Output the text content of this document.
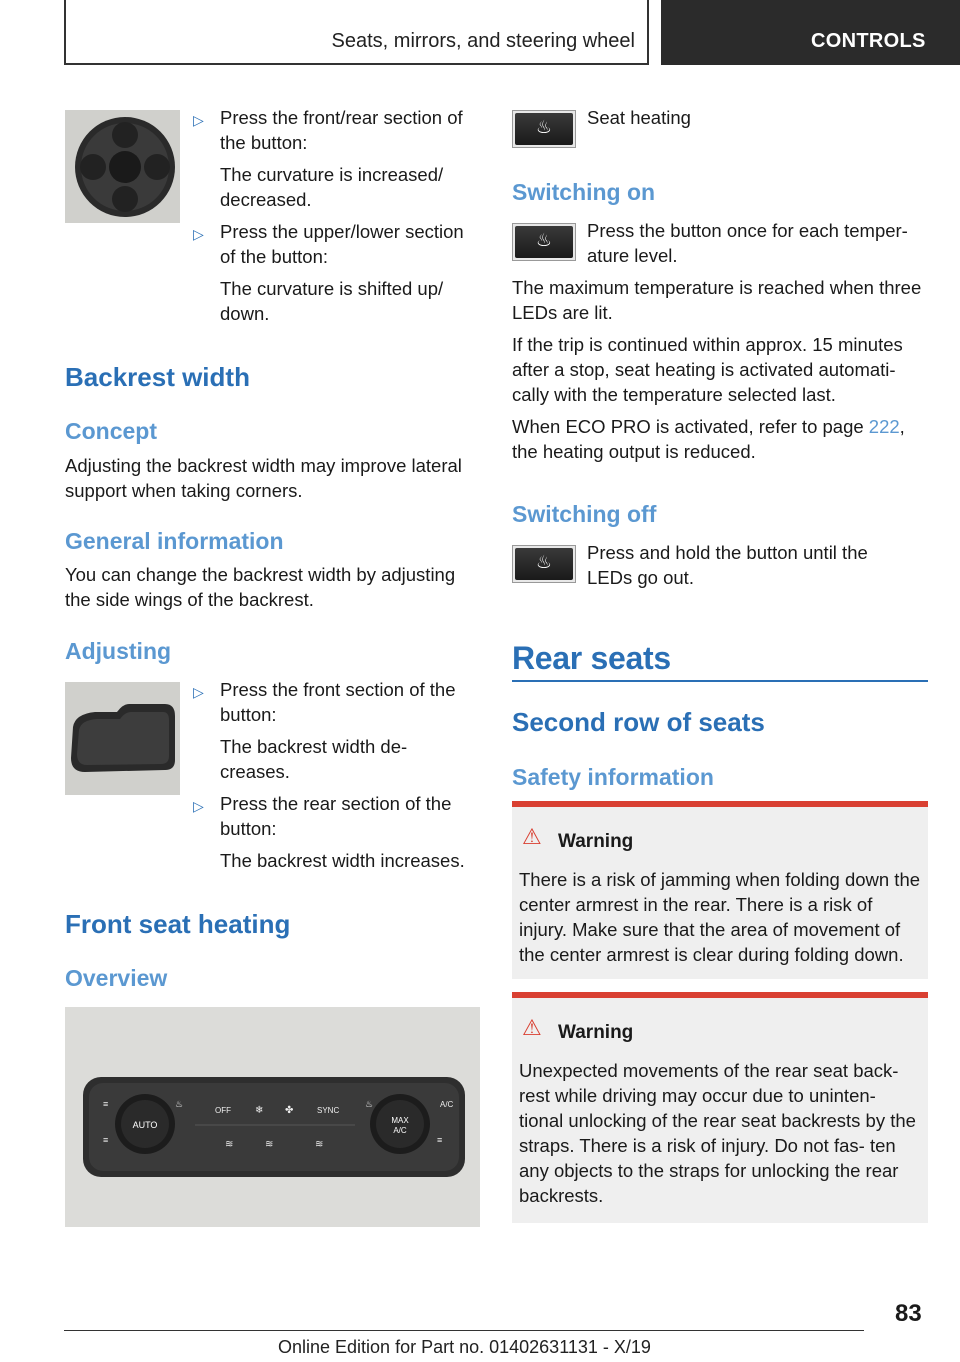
Seats, mirrors, and steering wheel	CONTROLS
▷ Press the front/rear section of the button:
The curvature is increased/ decreased.
▷ Press the upper/lower section of the button:
The curvature is shifted up/ down.
Backrest width
Concept
Adjusting the backrest width may improve lateral support when taking corners.
General information
You can change the backrest width by adjusting the side wings of the backrest.
Adjusting
▷ Press the front section of the button:
The backrest width de- creases.
▷ Press the rear section of the button:
The backrest width increases.
Front seat heating
Overview
AUTO	MAX
A/C
OFF	SYNC
A/C
❄ ✤
≋	≋	≋
≡
≡
♨	♨
≡
♨	Seat heating
Switching on
♨	Press the button once for each temper- ature level.
The maximum temperature is reached when three LEDs are lit.
If the trip is continued within approx. 15 minutes after a stop, seat heating is activated automati- cally with the temperature selected last.
When ECO PRO is activated, refer to page 222, the heating output is reduced.
Switching off
♨	Press and hold the button until the LEDs go out.
Rear seats
Second row of seats
Safety information
⚠ Warning
There is a risk of jamming when folding down the center armrest in the rear. There is a risk of injury. Make sure that the area of movement of the center armrest is clear during folding down.
⚠ Warning
Unexpected movements of the rear seat back- rest while driving may occur due to uninten- tional unlocking of the rear seat backrests by the straps. There is a risk of injury. Do not fas- ten any objects to the straps for unlocking the rear backrests.
83
Online Edition for Part no. 01402631131 - X/19
